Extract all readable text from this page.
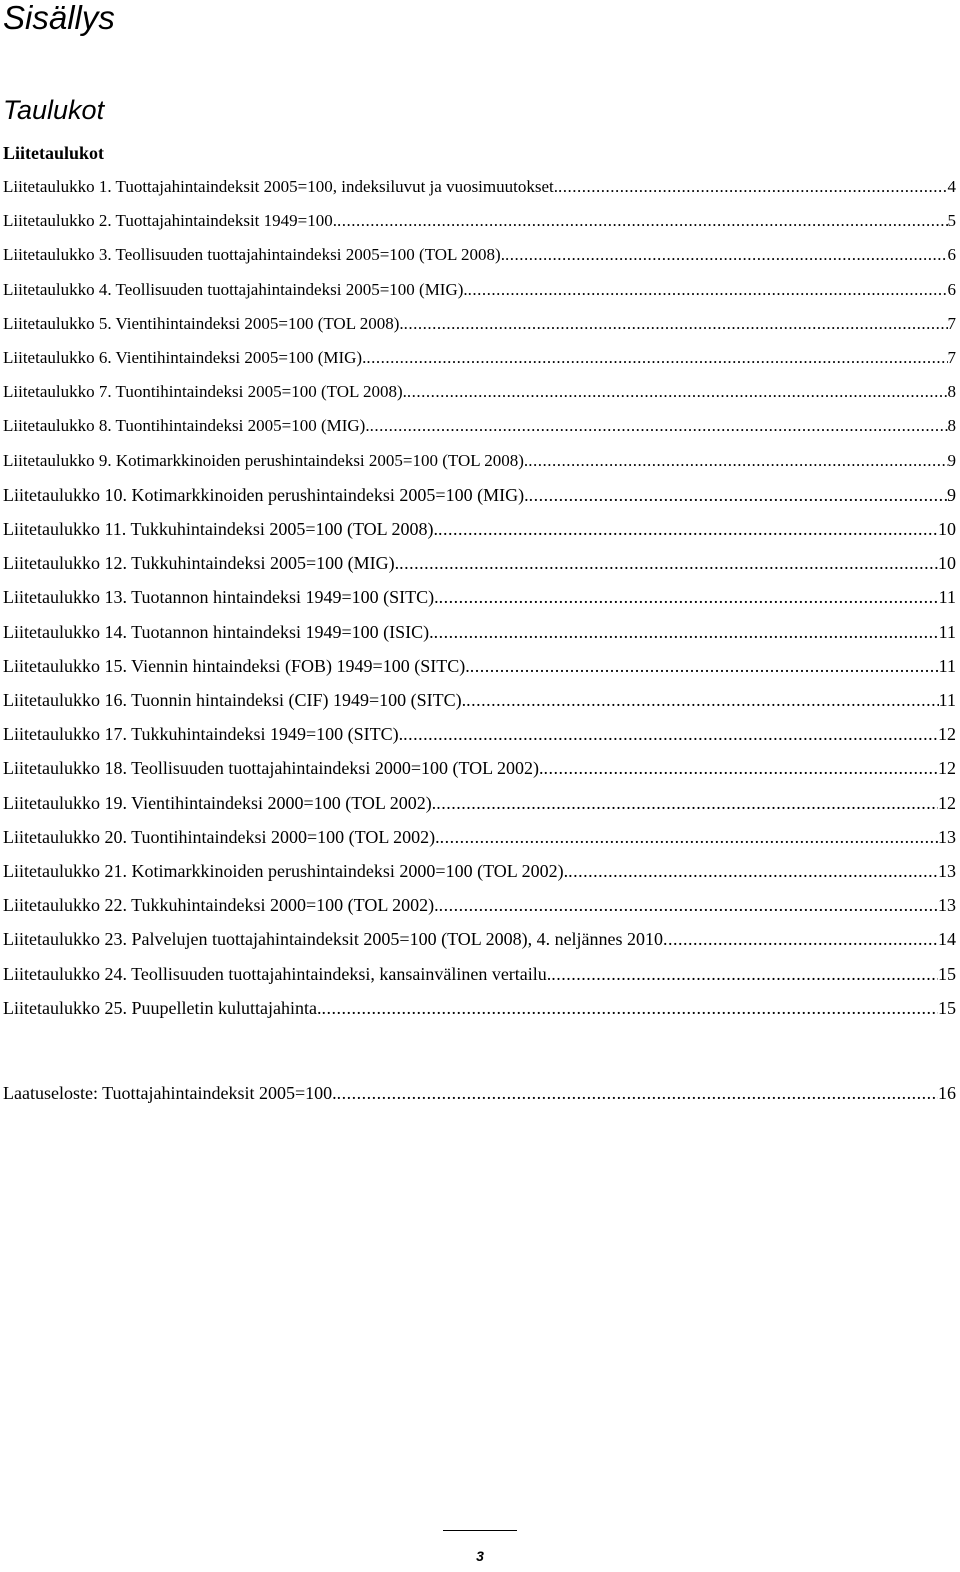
Sisällys
Taulukot
Liitetaulukot
Liitetaulukko 1. Tuottajahintaindeksit 2005=100, indeksiluvut ja vuosimuutokset. .....	4
Liitetaulukko 2. Tuottajahintaindeksit 1949=100. .....	5
Liitetaulukko 3. Teollisuuden tuottajahintaindeksi 2005=100 (TOL 2008). .....	6
Liitetaulukko 4. Teollisuuden tuottajahintaindeksi 2005=100 (MIG). .....	6
Liitetaulukko 5. Vientihintaindeksi 2005=100 (TOL 2008). .....	7
Liitetaulukko 6. Vientihintaindeksi 2005=100 (MIG). .....	7
Liitetaulukko 7. Tuontihintaindeksi 2005=100 (TOL 2008). .....	8
Liitetaulukko 8. Tuontihintaindeksi 2005=100 (MIG). .....	8
Liitetaulukko 9. Kotimarkkinoiden perushintaindeksi 2005=100 (TOL 2008). .....	9
Liitetaulukko 10. Kotimarkkinoiden perushintaindeksi 2005=100 (MIG). .....	9
Liitetaulukko 11. Tukkuhintaindeksi 2005=100 (TOL 2008). .....	10
Liitetaulukko 12. Tukkuhintaindeksi 2005=100 (MIG). .....	10
Liitetaulukko 13. Tuotannon hintaindeksi 1949=100 (SITC). .....	11
Liitetaulukko 14. Tuotannon hintaindeksi 1949=100 (ISIC). .....	11
Liitetaulukko 15. Viennin hintaindeksi (FOB) 1949=100 (SITC). .....	11
Liitetaulukko 16. Tuonnin hintaindeksi (CIF) 1949=100 (SITC). .....	11
Liitetaulukko 17. Tukkuhintaindeksi 1949=100 (SITC). .....	12
Liitetaulukko 18. Teollisuuden tuottajahintaindeksi 2000=100 (TOL 2002). .....	12
Liitetaulukko 19. Vientihintaindeksi 2000=100 (TOL 2002). .....	12
Liitetaulukko 20. Tuontihintaindeksi 2000=100 (TOL 2002). .....	13
Liitetaulukko 21. Kotimarkkinoiden perushintaindeksi 2000=100 (TOL 2002). .....	13
Liitetaulukko 22. Tukkuhintaindeksi 2000=100 (TOL 2002). .....	13
Liitetaulukko 23. Palvelujen tuottajahintaindeksit 2005=100 (TOL 2008), 4. neljännes 2010 .....	14
Liitetaulukko 24. Teollisuuden tuottajahintaindeksi, kansainvälinen vertailu. .....	15
Liitetaulukko 25. Puupelletin kuluttajahinta. .....	15
Laatuseloste: Tuottajahintaindeksit 2005=100. .....	16
3
